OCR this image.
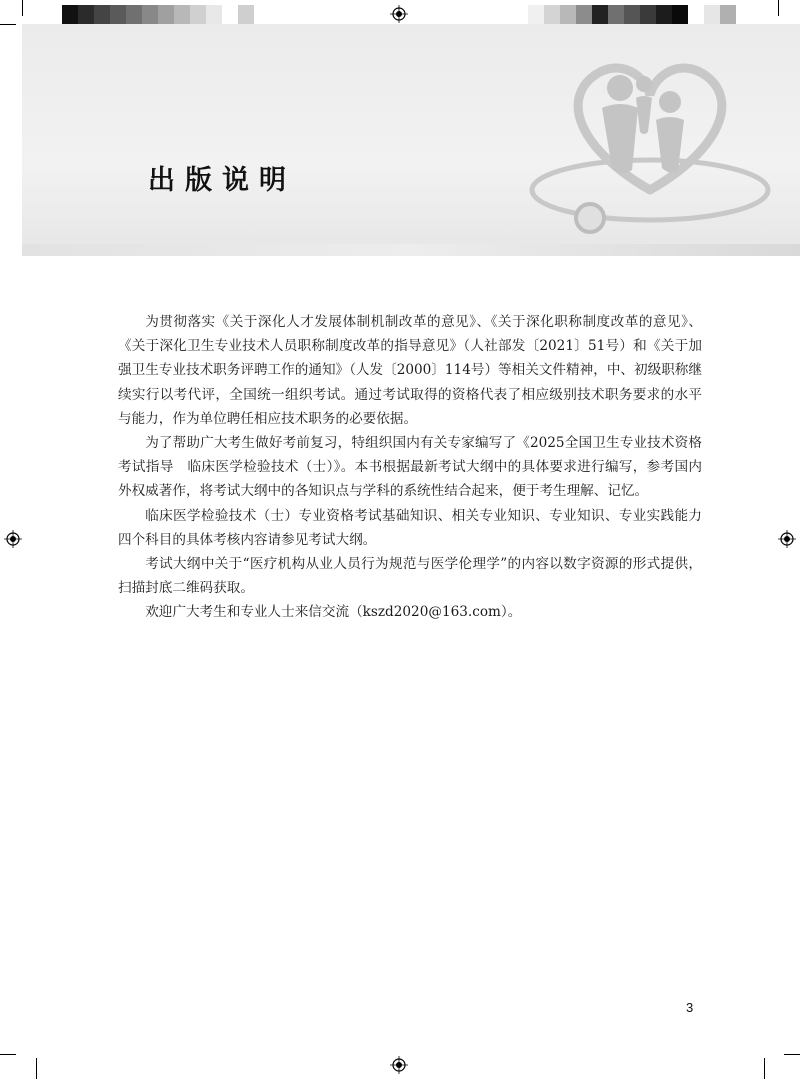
出版说明

为贯彻落实《关于深化人才发展体制机制改革的意见》、《关于深化职称制度改革的意见》、《关于深化卫生专业技术人员职称制度改革的指导意见》（人社部发〔2021〕51号）和《关于加强卫生专业技术职务评聘工作的通知》（人发〔2000〕114号）等相关文件精神，中、初级职称继续实行以考代评，全国统一组织考试。通过考试取得的资格代表了相应级别技术职务要求的水平与能力，作为单位聘任相应技术职务的必要依据。

为了帮助广大考生做好考前复习，特组织国内有关专家编写了《2025全国卫生专业技术资格考试指导　临床医学检验技术（士）》。本书根据最新考试大纲中的具体要求进行编写，参考国内外权威著作，将考试大纲中的各知识点与学科的系统性结合起来，便于考生理解、记忆。

临床医学检验技术（士）专业资格考试基础知识、相关专业知识、专业知识、专业实践能力四个科目的具体考核内容请参见考试大纲。

考试大纲中关于“医疗机构从业人员行为规范与医学伦理学”的内容以数字资源的形式提供，扫描封底二维码获取。

欢迎广大考生和专业人士来信交流（kszd2020@163.com）。

3
